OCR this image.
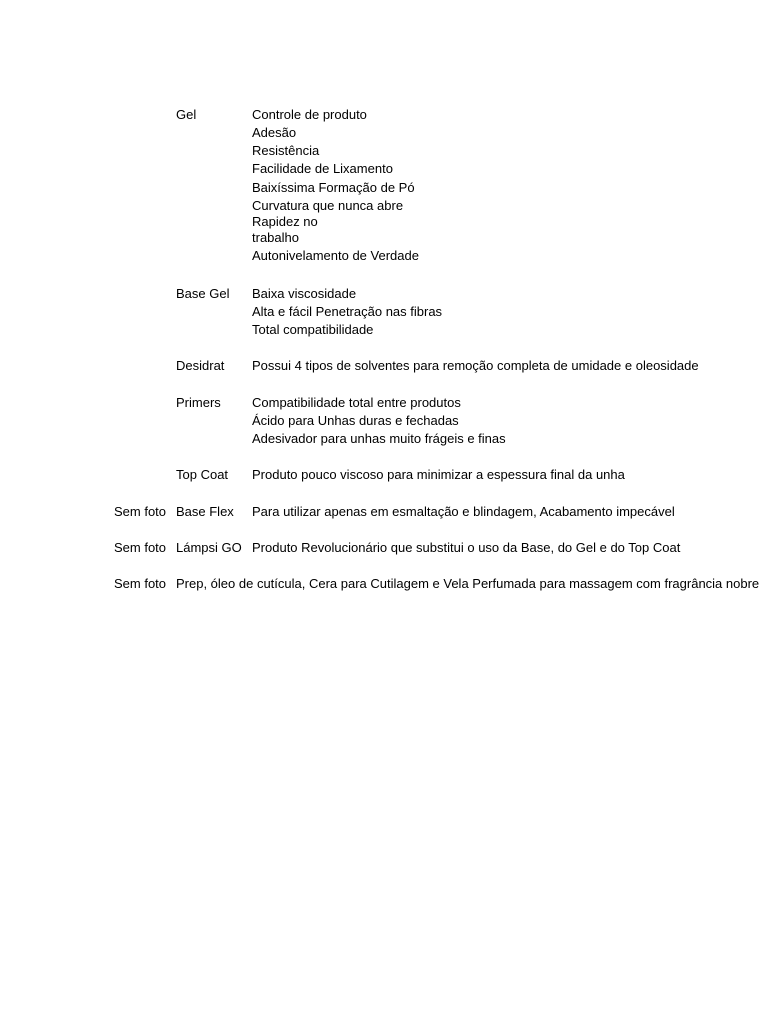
Gel	Controle de produto
Adesão
Resistência
Facilidade de Lixamento
Baixíssima Formação de Pó
Curvatura que nunca abre
Rapidez no
trabalho
Autonivelamento de Verdade
Base Gel Baixa viscosidade
Alta e fácil Penetração nas fibras
Total compatibilidade
Desidrat Possui 4 tipos de solventes para remoção completa de umidade e oleosidade
Primers Compatibilidade total entre produtos
Ácido para Unhas duras e fechadas
Adesivador para unhas muito frágeis e finas
Top Coat Produto pouco viscoso para minimizar a espessura final da unha
Sem foto Base Flex Para utilizar apenas em esmaltação e blindagem, Acabamento impecável
Sem foto Lámpsi GO Produto Revolucionário que substitui o uso da Base, do Gel e do Top Coat
Sem foto Prep, óleo de cutícula, Cera para Cutilagem e Vela Perfumada para massagem com fragrância nobre
